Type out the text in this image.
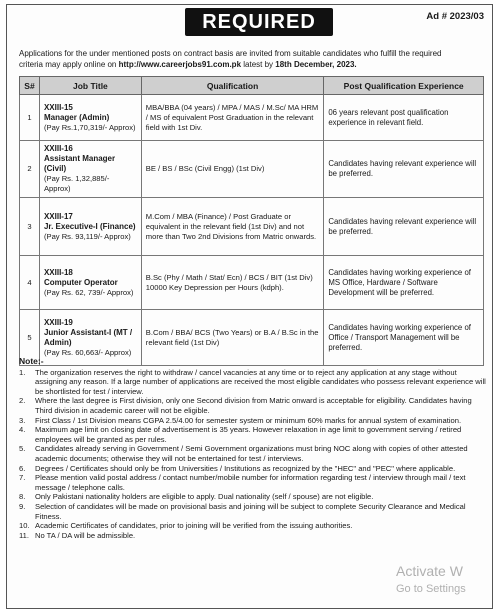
REQUIRED	Ad # 2023/03
Applications for the under mentioned posts on contract basis are invited from suitable candidates who fulfill the required
criteria may apply online on http://www.careerjobs91.com.pk latest by 18th December, 2023.
S#	Job Title	Qualification	Post Qualification Experience
1	XXIII-15
Manager (Admin)
(Pay Rs.1,70,319/- Approx)	MBA/BBA (04 years) / MPA / MAS / M.Sc/ MA HRM / MS of equivalent Post Graduation in the relevant field with 1st Div.	06 years relevant post qualification experience in relevant field.
2	XXIII-16
Assistant Manager (Civil)
(Pay Rs. 1,32,885/- Approx)	BE / BS / BSc (Civil Engg) (1st Div)	Candidates having relevant experience will be preferred.
3	XXIII-17
Jr. Executive-I (Finance)
(Pay Rs. 93,119/- Approx)	M.Com / MBA (Finance) / Post Graduate or equivalent in the relevant field (1st Div) and not more than Two 2nd Divisions from Matric onwards.	Candidates having relevant experience will be preferred.
4	XXIII-18
Computer Operator
(Pay Rs. 62, 739/- Approx)	B.Sc (Phy / Math / Stat/ Ecn) / BCS / BIT (1st Div) 10000 Key Depression per Hours (kdph).	Candidates having working experience of MS Office, Hardware / Software Development will be preferred.
5	XXIII-19
Junior Assistant-I (MT / Admin)
(Pay Rs. 60,663/- Approx)	B.Com / BBA/ BCS (Two Years) or B.A / B.Sc in the relevant field (1st Div)	Candidates having working experience of Office / Transport Management will be preferred.
Note:-
1.	The organization reserves the right to withdraw / cancel vacancies at any time or to reject any application at any stage without assigning any reason. If a large number of applications are received the most eligible candidates who possess relevant experience will be shortlisted for test / interview.
2.	Where the last degree is First division, only one Second division from Matric onward is acceptable for eligibility. Candidates having Third division in academic career will not be eligible.
3.	First Class / 1st Division means CGPA 2.5/4.00 for semester system or minimum 60% marks for annual system of examination.
4.	Maximum age limit on closing date of advertisement is 35 years. However relaxation in age limit to government serving / retired employees will be granted as per rules.
5.	Candidates already serving in Government / Semi Government organizations must bring NOC along with copies of other attested academic documents; otherwise they will not be entertained for test / interviews.
6.	Degrees / Certificates should only be from Universities / Institutions as recognized by the "HEC" and "PEC" where applicable.
7.	Please mention valid postal address / contact number/mobile number for information regarding test / interview through mail / text message / telephone calls.
8.	Only Pakistani nationality holders are eligible to apply. Dual nationality (self / spouse) are not eligible.
9.	Selection of candidates will be made on provisional basis and joining will be subject to complete Security Clearance and Medical Fitness.
10. Academic Certificates of candidates, prior to joining will be verified from the issuing authorities.
11. No TA / DA will be admissible.
Activate W
Go to Settings
